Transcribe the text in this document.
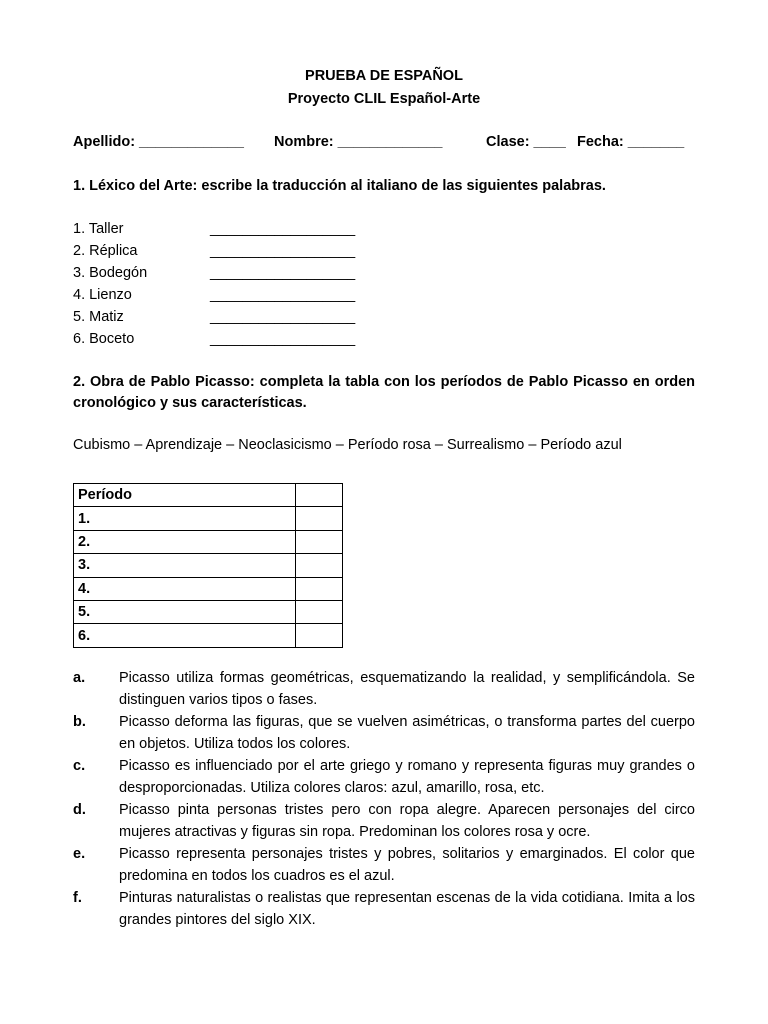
PRUEBA DE ESPAÑOL
Proyecto CLIL Español-Arte
Apellido: _____________ Nombre: _____________	Clase: ____ Fecha: _______
1. Léxico del Arte: escribe la traducción al italiano de las siguientes palabras.
1. Taller	__________________
2. Réplica	__________________
3. Bodegón	__________________
4. Lienzo	__________________
5. Matiz	__________________
6. Boceto	__________________
2. Obra de Pablo Picasso: completa la tabla con los períodos de Pablo Picasso en orden cronológico y sus características.
Cubismo – Aprendizaje – Neoclasicismo – Período rosa – Surrealismo – Período azul
Período	
1.	
2.	
3.	
4.	
5.	
6.	
a. Picasso utiliza formas geométricas, esquematizando la realidad, y semplificándola. Se distinguen varios tipos o fases.
b. Picasso deforma las figuras, que se vuelven asimétricas, o transforma partes del cuerpo en objetos. Utiliza todos los colores.
c. Picasso es influenciado por el arte griego y romano y representa figuras muy grandes o desproporcionadas. Utiliza colores claros: azul, amarillo, rosa, etc.
d. Picasso pinta personas tristes pero con ropa alegre. Aparecen personajes del circo mujeres atractivas y figuras sin ropa. Predominan los colores rosa y ocre.
e. Picasso representa personajes tristes y pobres, solitarios y emarginados. El color que predomina en todos los cuadros es el azul.
f.	Pinturas naturalistas o realistas que representan escenas de la vida cotidiana. Imita a los grandes pintores del siglo XIX.
